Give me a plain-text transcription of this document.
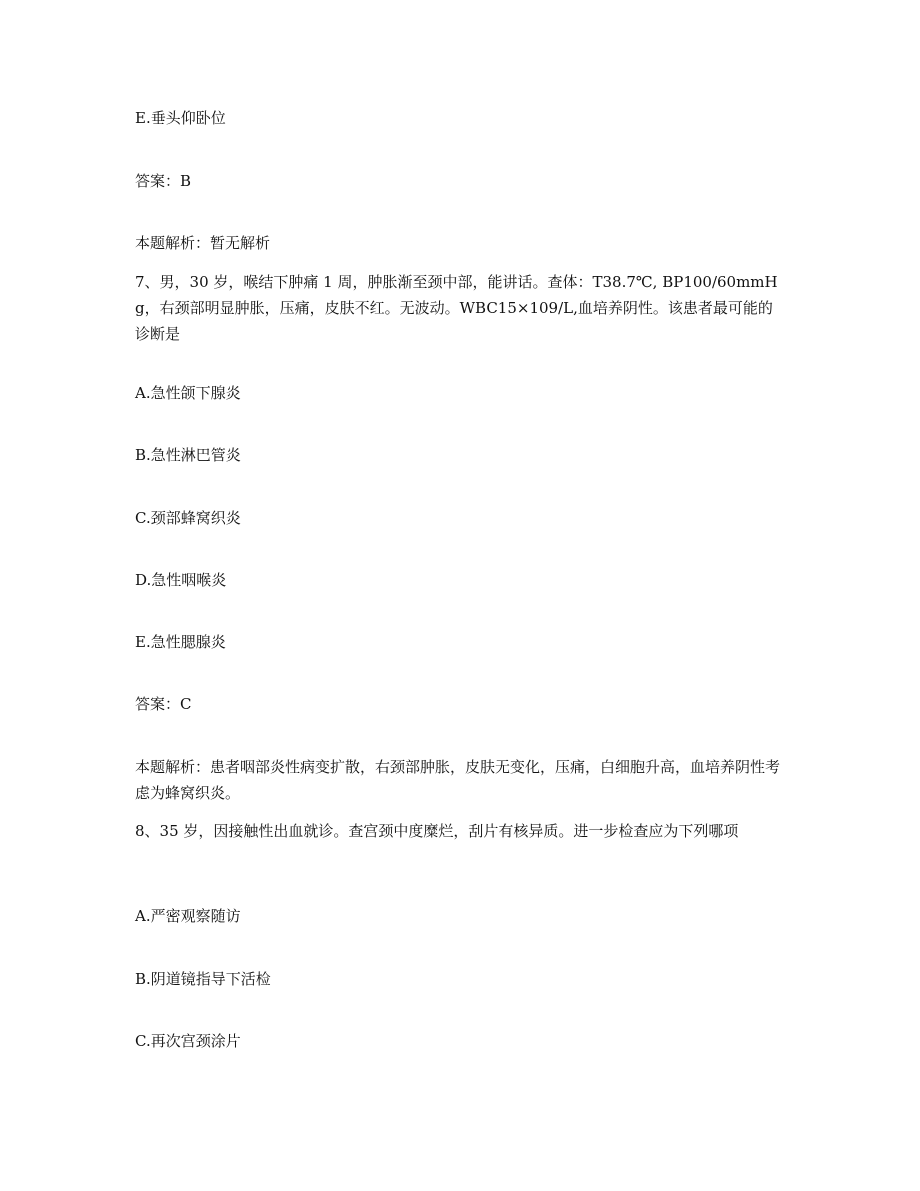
E.垂头仰卧位
答案：B
本题解析：暂无解析
7、男，30 岁，喉结下肿痛 1 周，肿胀渐至颈中部，能讲话。查体：T38.7℃, BP100/60mmHg，右颈部明显肿胀，压痛，皮肤不红。无波动。WBC15×109/L,血培养阴性。该患者最可能的诊断是
A.急性颌下腺炎
B.急性淋巴管炎
C.颈部蜂窝织炎
D.急性咽喉炎
E.急性腮腺炎
答案：C
本题解析：患者咽部炎性病变扩散，右颈部肿胀，皮肤无变化，压痛，白细胞升高，血培养阴性考虑为蜂窝织炎。
8、35 岁，因接触性出血就诊。查宫颈中度糜烂，刮片有核异质。进一步检查应为下列哪项
A.严密观察随访
B.阴道镜指导下活检
C.再次宫颈涂片
